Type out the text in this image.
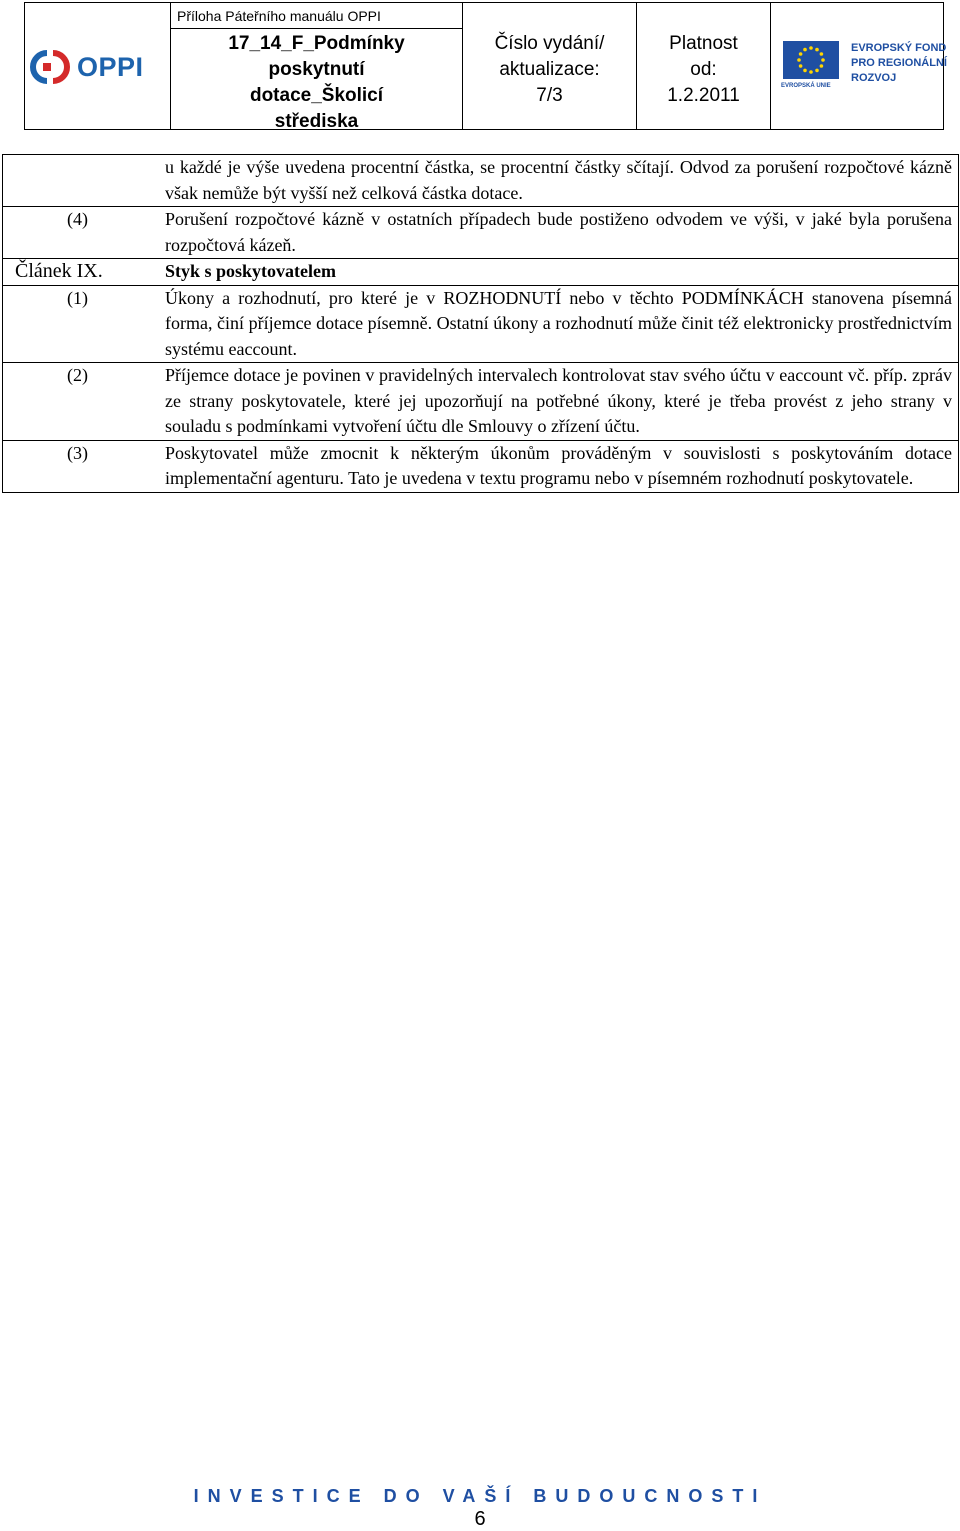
OPPI
Příloha Páteřního manuálu OPPI
17_14_F_Podmínky
poskytnutí
dotace_Školicí
střediska
Číslo vydání/
aktualizace:
7/3
Platnost
od:
1.2.2011	EVROPSKÁ UNIE
EVROPSKÝ FOND
PRO REGIONÁLNÍ
ROZVOJ
u každé je výše uvedena procentní částka, se procentní částky sčítají. Odvod za porušení rozpočtové kázně však nemůže být vyšší než celková částka dotace.
(4)	Porušení rozpočtové kázně v ostatních případech bude postiženo odvodem ve výši, v jaké byla porušena rozpočtová kázeň.
Článek IX.	Styk s poskytovatelem
(1)	Úkony a rozhodnutí, pro které je v ROZHODNUTÍ nebo v těchto PODMÍNKÁCH stanovena písemná forma, činí příjemce dotace písemně. Ostatní úkony a rozhodnutí může činit též elektronicky prostřednictvím systému eaccount.
(2)	Příjemce dotace je povinen v pravidelných intervalech kontrolovat stav svého účtu v eaccount vč. příp. zpráv ze strany poskytovatele, které jej upozorňují na potřebné úkony, které je třeba provést z jeho strany v souladu s podmínkami vytvoření účtu dle Smlouvy o zřízení účtu.
(3)	Poskytovatel může zmocnit k některým úkonům prováděným v souvislosti s poskytováním dotace implementační agenturu. Tato je uvedena v textu programu nebo v písemném rozhodnutí poskytovatele.
INVESTICE DO VAŠÍ BUDOUCNOSTI
6
